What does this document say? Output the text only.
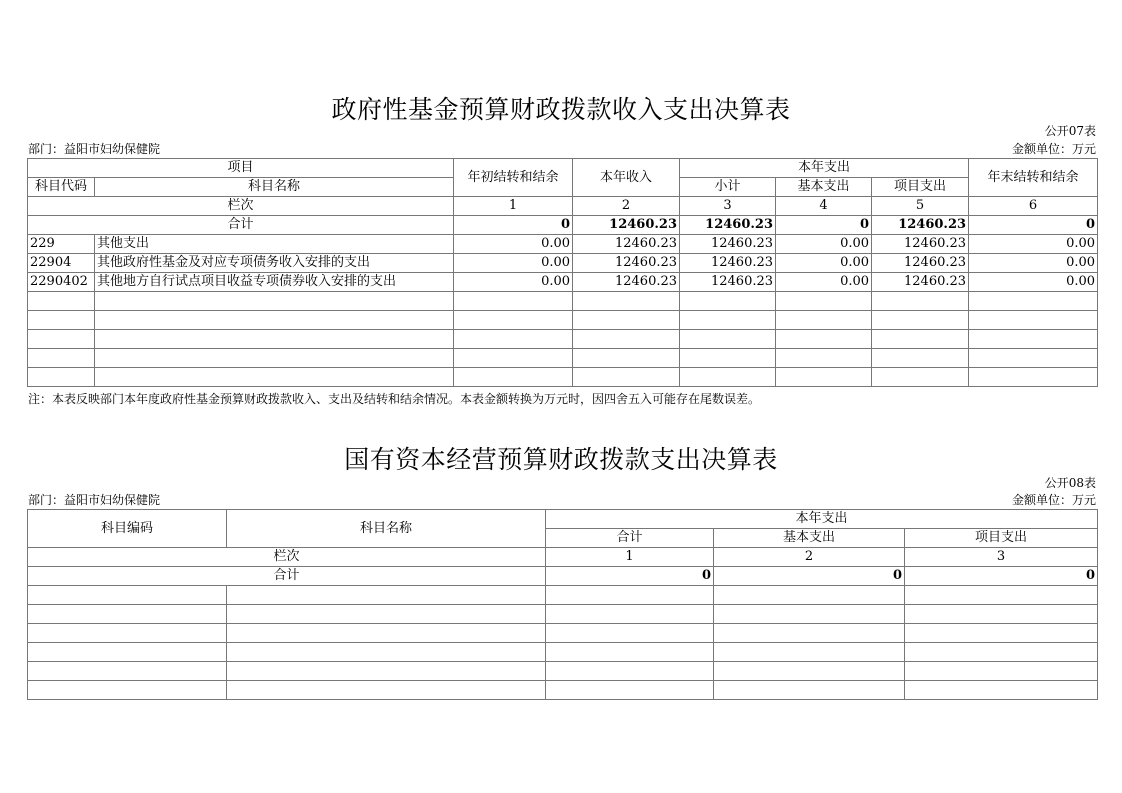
政府性基金预算财政拨款收入支出决算表
公开07表
部门：益阳市妇幼保健院	金额单位：万元
项目		年初结转和结余	本年收入	本年支出			年末结转和结余
科目代码	科目名称			小计	基本支出	项目支出	
栏次		1	2	3	4	5	6
合计		0	12460.23	12460.23	0	12460.23	0
229	其他支出	0.00	12460.23	12460.23	0.00	12460.23	0.00
22904	其他政府性基金及对应专项债务收入安排的支出	0.00	12460.23	12460.23	0.00	12460.23	0.00
2290402	其他地方自行试点项目收益专项债券收入安排的支出	0.00	12460.23	12460.23	0.00	12460.23	0.00

注：本表反映部门本年度政府性基金预算财政拨款收入、支出及结转和结余情况。本表金额转换为万元时，因四舍五入可能存在尾数误差。
国有资本经营预算财政拨款支出决算表
公开08表
部门：益阳市妇幼保健院	金额单位：万元
科目编码	科目名称	本年支出		
		合计	基本支出	项目支出
栏次		1	2	3
合计		0	0	0
